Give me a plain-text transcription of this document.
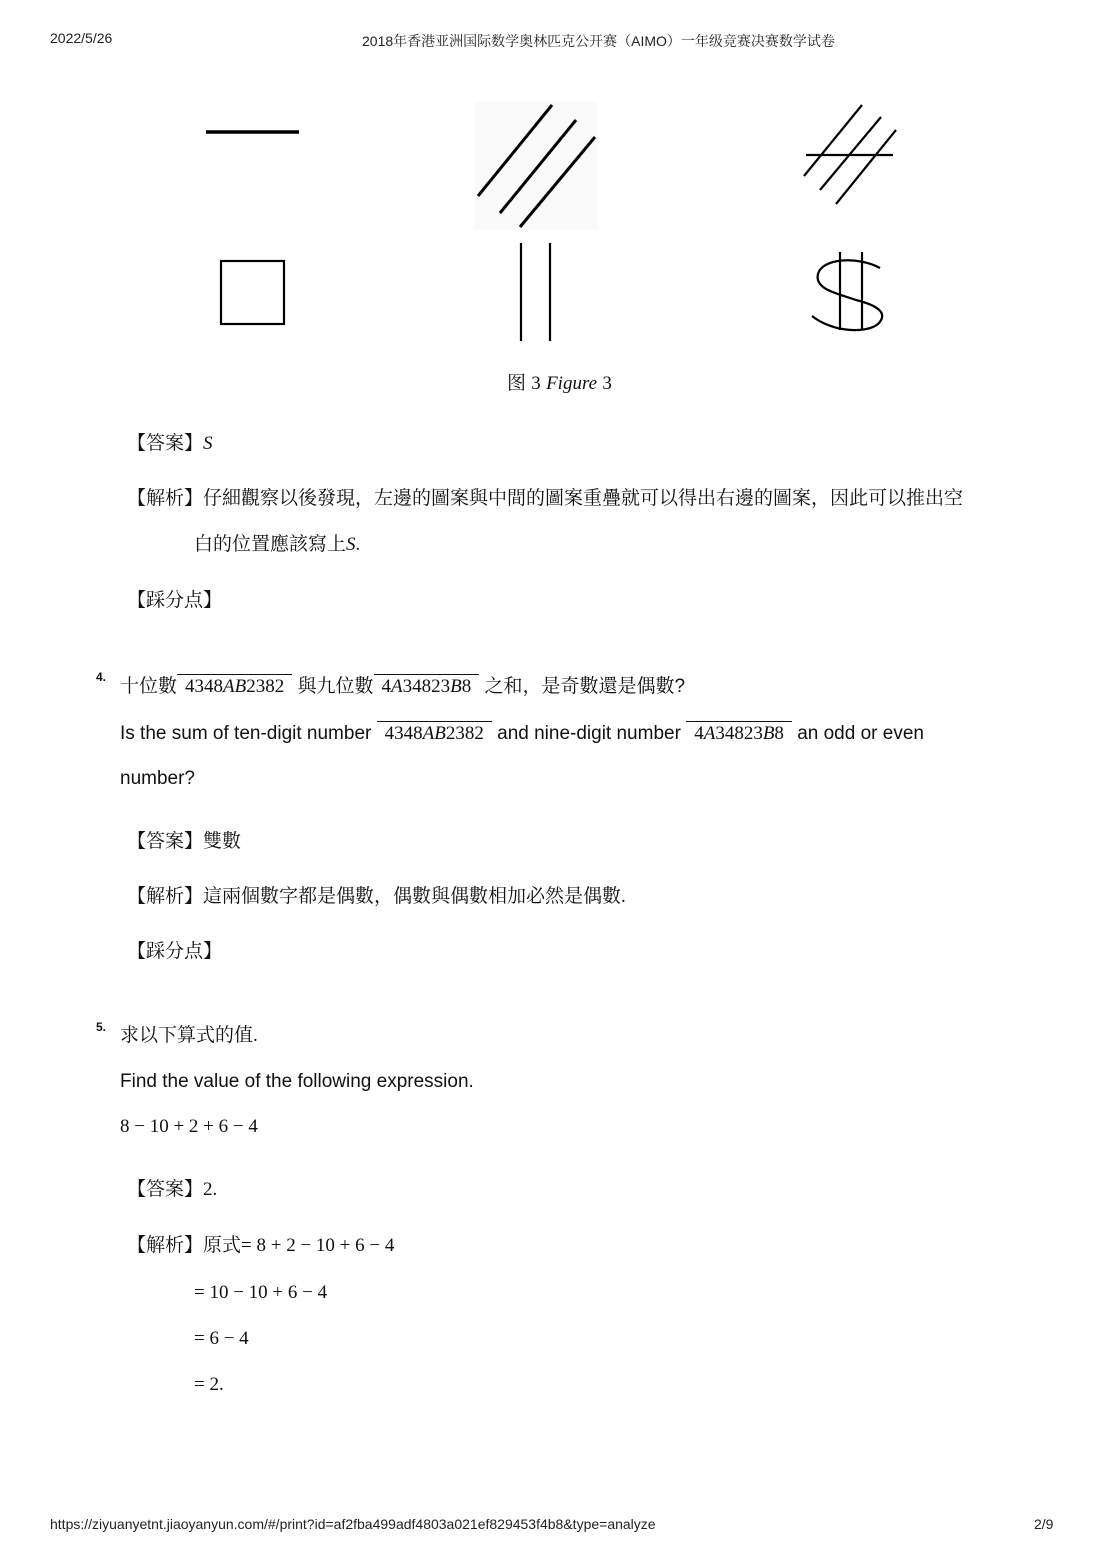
2022/5/26	2018年香港亚洲国际数学奥林匹克公开赛（AIMO）一年级竞赛决赛数学试卷
图 3 Figure 3
【答案】S
【解析】仔細觀察以後發現，左邊的圖案與中間的圖案重疊就可以得出右邊的圖案，因此可以推出空
白的位置應該寫上S.
【踩分点】
4. 十位數 4348AB2382 與九位數 4A34823B8 之和，是奇數還是偶數?
Is the sum of ten-digit number 4348AB2382 and nine-digit number 4A34823B8 an odd or even
number?
【答案】雙數
【解析】這兩個數字都是偶數，偶數與偶數相加必然是偶數.
【踩分点】
5. 求以下算式的值.
Find the value of the following expression.
8 − 10 + 2 + 6 − 4
【答案】2.
【解析】原式= 8 + 2 − 10 + 6 − 4
= 10 − 10 + 6 − 4
= 6 − 4
= 2.
https://ziyuanyetnt.jiaoyanyun.com/#/print?id=af2fba499adf4803a021ef829453f4b8&type=analyze	2/9
